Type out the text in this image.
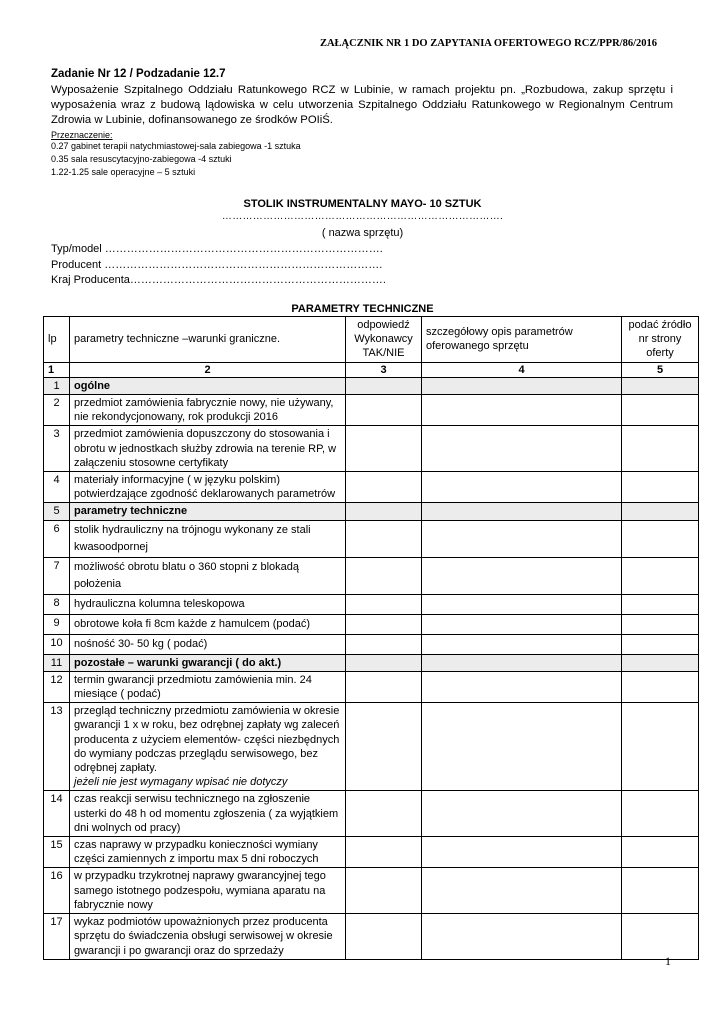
ZAŁĄCZNIK NR 1 DO ZAPYTANIA OFERTOWEGO RCZ/PPR/86/2016
Zadanie Nr 12 / Podzadanie 12.7
Wyposażenie Szpitalnego Oddziału Ratunkowego RCZ w Lubinie, w ramach projektu pn. „Rozbudowa, zakup sprzętu i wyposażenia wraz z budową lądowiska w celu utworzenia Szpitalnego Oddziału Ratunkowego w Regionalnym Centrum Zdrowia w Lubinie, dofinansowanego ze środków POIiŚ.
Przeznaczenie:
0.27 gabinet terapii natychmiastowej-sala zabiegowa -1 sztuka
0.35 sala resuscytacyjno-zabiegowa -4 sztuki
1.22-1.25 sale operacyjne – 5 sztuki
STOLIK INSTRUMENTALNY MAYO- 10 SZTUK
……………………………………………………………………….
( nazwa sprzętu)
Typ/model ………………………………………………………………….
Producent ………………………………………………………………….
Kraj Producenta…………………………………………………………….
PARAMETRY TECHNICZNE
lp	parametry techniczne –warunki graniczne.	odpowiedź Wykonawcy TAK/NIE	szczegółowy opis parametrów oferowanego sprzętu	podać źródło nr strony oferty
1	2	3	4	5
1	ogólne			
2	przedmiot zamówienia fabrycznie nowy, nie używany, nie rekondycjonowany, rok produkcji 2016			
3	przedmiot zamówienia dopuszczony do stosowania i obrotu w jednostkach służby zdrowia na terenie RP, w załączeniu stosowne certyfikaty			
4	materiały informacyjne ( w języku polskim) potwierdzające zgodność deklarowanych parametrów			
5	parametry techniczne			
6	stolik hydrauliczny na trójnogu wykonany ze stali kwasoodpornej			
7	możliwość obrotu blatu o 360 stopni z blokadą położenia			
8	hydrauliczna kolumna teleskopowa			
9	obrotowe koła fi 8cm każde z hamulcem (podać)			
10	nośność 30- 50 kg ( podać)			
11	pozostałe – warunki gwarancji ( do akt.)			
12	termin gwarancji przedmiotu zamówienia min. 24 miesiące ( podać)			
13	przegląd techniczny przedmiotu zamówienia w okresie gwarancji 1 x w roku, bez odrębnej zapłaty wg zaleceń producenta z użyciem elementów- części niezbędnych do wymiany podczas przeglądu serwisowego, bez odrębnej zapłaty.
jeżeli nie jest wymagany wpisać nie dotyczy			

14	czas reakcji serwisu technicznego na zgłoszenie usterki do 48 h od momentu zgłoszenia ( za wyjątkiem dni wolnych od pracy)			
15	czas naprawy w przypadku konieczności wymiany części zamiennych z importu max 5 dni roboczych			
16	w przypadku trzykrotnej naprawy gwarancyjnej tego samego istotnego podzespołu, wymiana aparatu na fabrycznie nowy			
17	wykaz podmiotów upoważnionych przez producenta sprzętu do świadczenia obsługi serwisowej w okresie gwarancji i po gwarancji oraz do sprzedaży			
1
